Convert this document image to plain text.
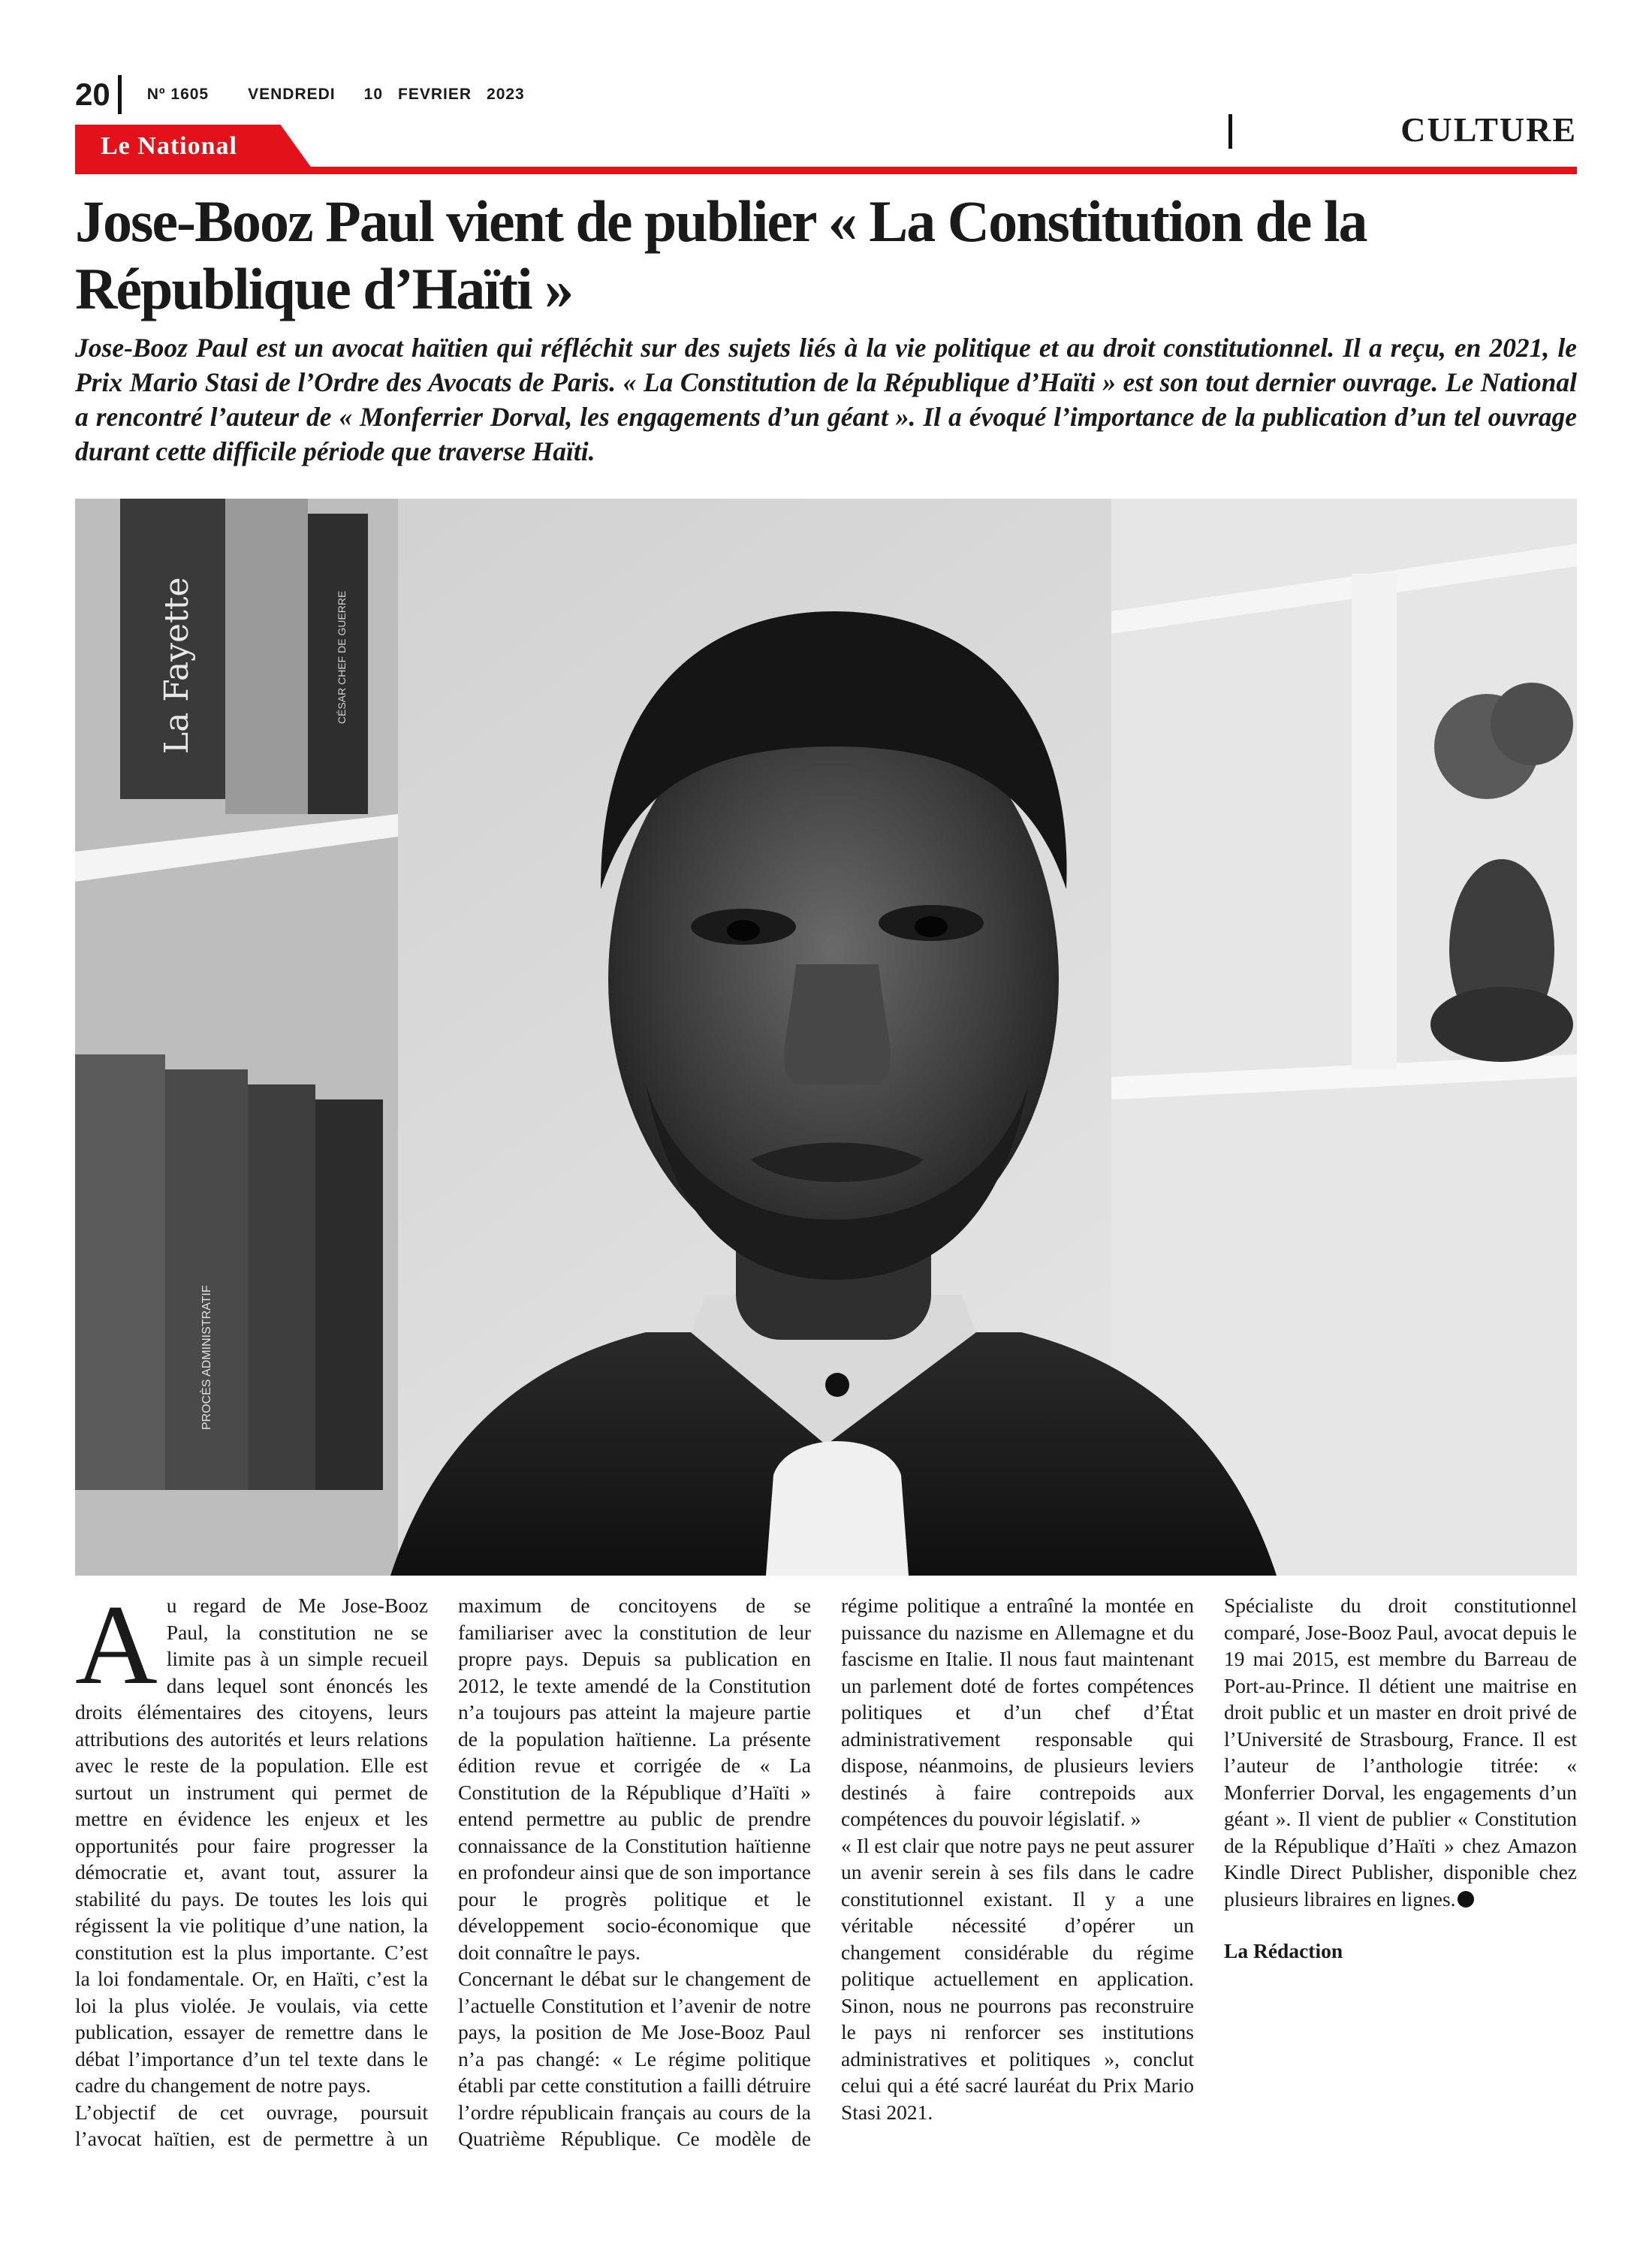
20 Nº 1605 VENDREDI 10 FEVRIER 2023
Le National	CULTURE
Jose-Booz Paul vient de publier « La Constitution de la
République d’Haïti »

Jose-Booz Paul est un avocat haïtien qui réfléchit sur des sujets liés à la vie politique et au droit constitutionnel. Il a reçu, en 2021, le Prix Mario Stasi de l’Ordre des Avocats de Paris. « La Constitution de la République d’Haïti » est son tout dernier ouvrage. Le National a rencontré l’auteur de « Monferrier Dorval, les engagements d’un géant ». Il a évoqué l’importance de la publication d’un tel ouvrage durant cette difficile période que traverse Haïti.

La Fayette	CÉSAR CHEF DE GUERRE
PROCÈS ADMINISTRATIF

Au regard de Me Jose-Booz Paul, la constitution ne se limite pas à un simple recueil dans lequel sont énoncés les droits élémentaires des citoyens, leurs attributions des autorités et leurs relations avec le reste de la population. Elle est surtout un instrument qui permet de mettre en évidence les enjeux et les opportunités pour faire progresser la démocratie et, avant tout, assurer la stabilité du pays. De toutes les lois qui régissent la vie politique d’une nation, la constitution est la plus importante. C’est la loi fondamentale. Or, en Haïti, c’est la loi la plus violée. Je voulais, via cette publication, essayer de remettre dans le débat l’importance d’un tel texte dans le cadre du changement de notre pays.

L’objectif de cet ouvrage, poursuit l’avocat haïtien, est de permettre à un maximum de concitoyens de se familiariser avec la constitution de leur propre pays. Depuis sa publication en 2012, le texte amendé de la Constitution n’a toujours pas atteint la majeure partie de la population haïtienne. La présente édition revue et corrigée de « La Constitution de la République d’Haïti » entend permettre au public de prendre connaissance de la Constitution haïtienne en profondeur ainsi que de son importance pour le progrès politique et le développement socio-économique que doit connaître le pays.

Concernant le débat sur le changement de l’actuelle Constitution et l’avenir de notre pays, la position de Me Jose-Booz Paul n’a pas changé: « Le régime politique établi par cette constitution a failli détruire l’ordre républicain français au cours de la Quatrième République. Ce modèle de régime politique a entraîné la montée en puissance du nazisme en Allemagne et du fascisme en Italie. Il nous faut maintenant un parlement doté de fortes compétences politiques et d’un chef d’État administrativement responsable qui dispose, néanmoins, de plusieurs leviers destinés à faire contrepoids aux compétences du pouvoir législatif. »

« Il est clair que notre pays ne peut assurer un avenir serein à ses fils dans le cadre constitutionnel existant. Il y a une véritable nécessité d’opérer un changement considérable du régime politique actuellement en application. Sinon, nous ne pourrons pas reconstruire le pays ni renforcer ses institutions administratives et politiques », conclut celui qui a été sacré lauréat du Prix Mario Stasi 2021.

Spécialiste du droit constitutionnel comparé, Jose-Booz Paul, avocat depuis le 19 mai 2015, est membre du Barreau de Port-au-Prince. Il détient une maitrise en droit public et un master en droit privé de l’Université de Strasbourg, France. Il est l’auteur de l’anthologie titrée: « Monferrier Dorval, les engagements d’un géant ». Il vient de publier « Constitution de la République d’Haïti » chez Amazon Kindle Direct Publisher, disponible chez plusieurs libraires en lignes.

La Rédaction
